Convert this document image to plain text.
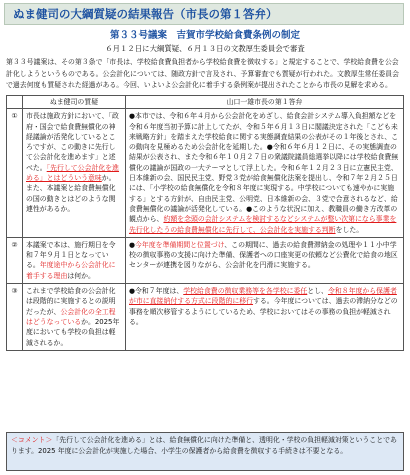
ぬま健司の大綱質疑の結果報告（市長の第１答弁）
第３３号議案　吉賀市学校給食費条例の制定
６月１２日に大綱質疑、６月１３日の文教厚生委員会で審査
第３３号議案は、その第３条で「市長は、学校給食費負担者から学校給食費を徴収する」と規定することで、学校給食費を公会計化しようというものである。公会計化については、随政方針で言及され、予算審査でも質疑が行われた。文教厚生常任委員会で過去何度も質疑された経過がある。今回、いよいよ公会計化に着手する条例案が提出されたことから市長の見解を求める。
	ぬま健司の質疑	山口一雄市長の第１答弁
①	市長は施政方針において、「政府・国会で給食費無償化の神経議論が活発化しているところですが、この動きに先行して公会計化を進めます」と述べた。「先行して公会計化を進める」とはどういう意味か。また、本議案と給食費無償化の国の動きとはどのような関連性があるか。	●本市では、令和６年４月から公会計化をめざし、給食会計システム導入負担額などを令和６年度当初予算に計上してたが、令和５年６月１３日に閣議決定された「こども未来戦略方針」を踏まえた学校給食に関する実態調査結果の公表がその１年後とされ、この動向を見極めるため公会計化を延期した。●令和６年６月１２日に、その実態調査の結果が公表され、また令和６年１０月２７日の衆議院議員総選挙以降には学校給食費無償化の議論が国政の一大テーマとして浮上した。令和６年１２月２３日に立憲民主党、日本維新の会、国民民主党、野党３党が給食無償化法案を提出し、令和７年２月２５日には、「小学校の給食無償化を令和８年度に実現する。中学校についても速やかに実施する」とする方針が、自由民主党、公明党、日本維新の会、３党で合意されるなど、給食費無償化の議論が活発化している。●このような状況に加え、教職員の働き方改革の観点から、約額を念頭の会計システムを検討するなどシステムが整い次第になら事業を先行化したうの給食費無償化に先行して、公会計化を実施する判断をした。
②	本議案で本は、施行期日を令和７年９月１日となっている。年度途中から公会計化に着手する理由は何か。	●今年度を準備期間と位置づけ、この期間に、過去の給食費滞納金の処理や１１小中学校の徴収事務の支援に向けた準備、保護者への口座実更の依頼など公費化で給食の地区センターが連携を図りながら、公会計化を円滑に実施する。
③	これまで学校給食の公会計化は段階的に実施するとの説明だったが、公会計化の全工程はどうなっているか。2025年度においても学校の負担は軽減されるか。	●令和７年度は、学校給食費の徴収業務等を各学校に委任とし、令和８年度から保護者が市に直接納付する方式に段階的に移行する。今年度については、過去の滞納分などの事務を順次移管するようにしているため、学校においてはその事務の負担が軽減される。
＜コメント＞「先行して公会計化を進める」とは、給食無償化に向けた準備と、透明化・学校の負担軽減対策ということであります。2025 年度に公会計化が実施した場合、小学生の保護者から給食費を徴収する手続きは不要となる。
